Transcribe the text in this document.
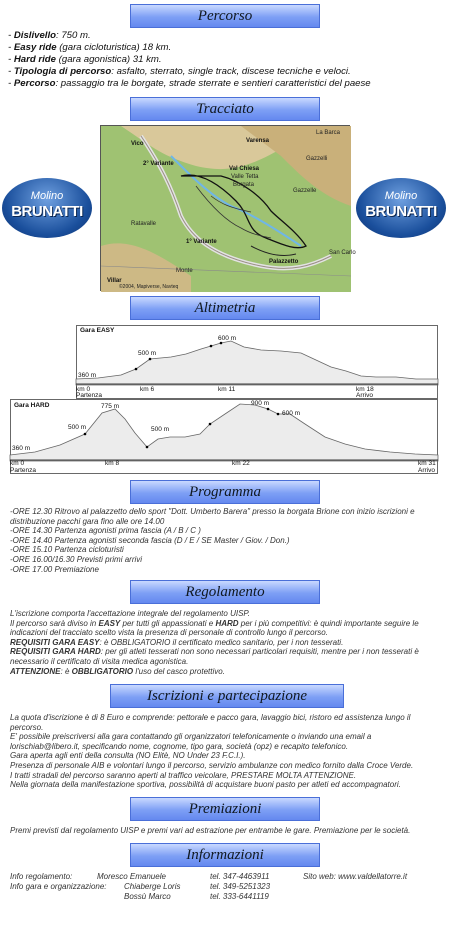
Percorso
- Dislivello: 750 m.
- Easy ride (gara cicloturistica) 18 km.
- Hard ride (gara agonistica) 31 km.
- Tipologia di percorso: asfalto, sterrato, single track, discese tecniche e veloci.
- Percorso: passaggio tra le borgate, strade sterrate e sentieri caratteristici del paese
Tracciato
Molino
BRUNATTI
Molino
BRUNATTI
Vico
La Barca
Varensa
2° Variante
Gazzelli
Gazzelle
Val Chiesa
Valle Tetta
Borgata
Ratavalle
1° Variante
Palazzetto
San Carlo
Monte
Villar
©2004, Mapiverse, Navteq
Altimetria
Gara EASY
360 m
500 m
600 m
km 0
Partenza
km 6	km 11	km 18
Arrivo
Gara HARD
360 m
500 m
775 m
500 m
900 m
600 m
km 0
Partenza
km 8	km 22	km 31
Arrivo
Programma
-ORE 12.30 Ritrovo al palazzetto dello sport "Dott. Umberto Barera" presso la borgata Brione con inizio iscrizioni e
distribuzione pacchi gara fino alle ore 14.00
-ORE 14.30 Partenza agonisti prima fascia (A / B / C )
-ORE 14.40 Partenza agonisti seconda fascia (D / E / SE Master / Giov. / Don.)
-ORE 15.10 Partenza cicloturisti
-ORE 16.00/16.30 Previsti primi arrivi
-ORE 17.00 Premiazione
Regolamento
L'iscrizione comporta l'accettazione integrale del regolamento UISP.
Il percorso sarà diviso in EASY per tutti gli appassionati e HARD per i più competitivi: è quindi importante seguire le
indicazioni del tracciato scelto vista la presenza di personale di controllo lungo il percorso.
REQUISITI GARA EASY: è OBBLIGATORIO il certificato medico sanitario, per i non tesserati.
REQUISITI GARA HARD: per gli atleti tesserati non sono necessari particolari requisiti, mentre per i non tesserati è
necessario il certificato di visita medica agonistica.
ATTENZIONE: è OBBLIGATORIO l'uso del casco protettivo.
Iscrizioni e partecipazione
La quota d'iscrizione è di 8 Euro e comprende: pettorale e pacco gara, lavaggio bici, ristoro ed assistenza lungo il
percorso.
E' possibile preiscriversi alla gara contattando gli organizzatori telefonicamente o inviando una email a
lorischiab@libero.it, specificando nome, cognome, tipo gara, società (opz) e recapito telefonico.
Gara aperta agli enti della consulta (NO Elitè, NO Under 23 F.C.I.).
Presenza di personale AIB e volontari lungo il percorso, servizio ambulanze con medico fornito dalla Croce Verde.
I tratti stradali del percorso saranno aperti al traffico veicolare, PRESTARE MOLTA ATTENZIONE.
Nella giornata della manifestazione sportiva, possibilità di acquistare buoni pasto per atleti ed accompagnatori.
Premiazioni
Premi previsti dal regolamento UISP e premi vari ad estrazione per entrambe le gare. Premiazione per le società.
Informazioni

Info regolamento:	Moresco Emanuele	tel. 347-4463911	Sito web: www.valdellatorre.it

Info gara e organizzazione: Chiaberge Loris	tel. 349-5251323

Bossù Marco	tel. 333-6441119
